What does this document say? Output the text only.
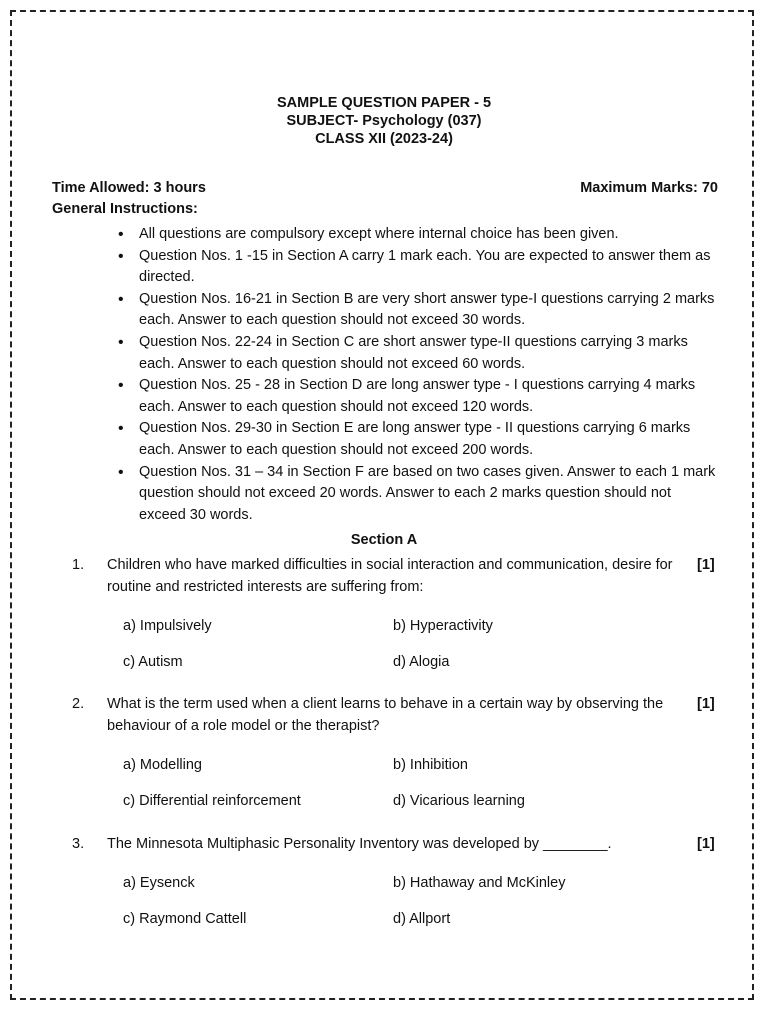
SAMPLE QUESTION PAPER - 5
SUBJECT- Psychology (037)
CLASS XII (2023-24)
Time Allowed: 3 hours	Maximum Marks: 70
General Instructions:
• All questions are compulsory except where internal choice has been given.
• Question Nos. 1 -15 in Section A carry 1 mark each. You are expected to answer them as directed.
• Question Nos. 16-21 in Section B are very short answer type-I questions carrying 2 marks each. Answer to each question should not exceed 30 words.
• Question Nos. 22-24 in Section C are short answer type-II questions carrying 3 marks each. Answer to each question should not exceed 60 words.
• Question Nos. 25 - 28 in Section D are long answer type - I questions carrying 4 marks each. Answer to each question should not exceed 120 words.
• Question Nos. 29-30 in Section E are long answer type - II questions carrying 6 marks each. Answer to each question should not exceed 200 words.
• Question Nos. 31 – 34 in Section F are based on two cases given. Answer to each 1 mark question should not exceed 20 words. Answer to each 2 marks question should not exceed 30 words.
Section A
1. Children who have marked difficulties in social interaction and communication, desire for routine and restricted interests are suffering from:
[1]
a) Impulsively	b) Hyperactivity
c) Autism	d) Alogia
2. What is the term used when a client learns to behave in a certain way by observing the behaviour of a role model or the therapist?
[1]
a) Modelling	b) Inhibition
c) Differential reinforcement	d) Vicarious learning
3. The Minnesota Multiphasic Personality Inventory was developed by ________.	[1]
a) Eysenck	b) Hathaway and McKinley
c) Raymond Cattell	d) Allport
